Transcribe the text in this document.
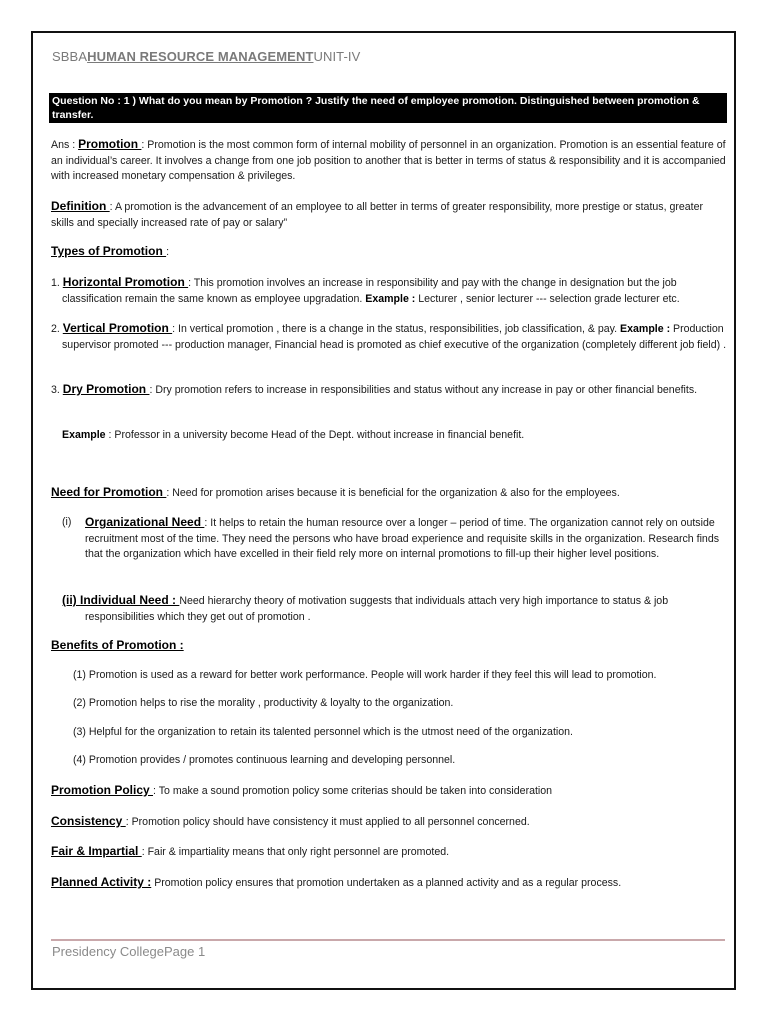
SBBAHUMAN RESOURCE MANAGEMENTUNIT-IV
Question No : 1 ) What do you mean by Promotion ? Justify the need of employee promotion. Distinguished between promotion & transfer.
Ans : Promotion : Promotion is the most common form of internal mobility of personnel in an organization. Promotion is an essential feature of an individual’s career. It involves a change from one job position to another that is better in terms of status & responsibility and it is accompanied with increased monetary compensation & privileges.
Definition : A promotion is the advancement of an employee to all better in terms of greater responsibility, more prestige or status, greater skills and specially increased rate of pay or salary”
Types of Promotion :
1. Horizontal Promotion : This promotion involves an increase in responsibility and pay with the change in designation but the job classification remain the same known as employee upgradation. Example : Lecturer , senior lecturer --- selection grade lecturer etc.
2. Vertical Promotion : In vertical promotion , there is a change in the status, responsibilities, job classification, & pay. Example : Production supervisor promoted --- production manager, Financial head is promoted as chief executive of the organization (completely different job field) .
3. Dry Promotion : Dry promotion refers to increase in responsibilities and status without any increase in pay or other financial benefits.
Example : Professor in a university become Head of the Dept. without increase in financial benefit.
Need for Promotion : Need for promotion arises because it is beneficial for the organization & also for the employees.
(i) Organizational Need : It helps to retain the human resource over a longer – period of time. The organization cannot rely on outside recruitment most of the time. They need the persons who have broad experience and requisite skills in the organization. Research finds that the organization which have excelled in their field rely more on internal promotions to fill-up their higher level positions.
(ii) Individual Need : Need hierarchy theory of motivation suggests that individuals attach very high importance to status & job responsibilities which they get out of promotion .
Benefits of Promotion :
(1) Promotion is used as a reward for better work performance. People will work harder if they feel this will lead to promotion.
(2) Promotion helps to rise the morality , productivity & loyalty to the organization.
(3) Helpful for the organization to retain its talented personnel which is the utmost need of the organization.
(4) Promotion provides / promotes continuous learning and developing personnel.
Promotion Policy : To make a sound promotion policy some criterias should be taken into consideration
Consistency : Promotion policy should have consistency it must applied to all personnel concerned.
Fair & Impartial : Fair & impartiality means that only right personnel are promoted.
Planned Activity : Promotion policy ensures that promotion undertaken as a planned activity and as a regular process.
Presidency CollegePage 1
